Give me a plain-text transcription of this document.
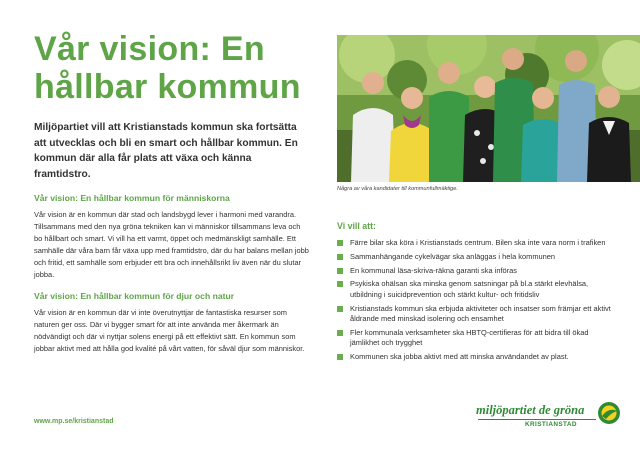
Vår vision: En
hållbar kommun

Miljöpartiet vill att Kristianstads kommun ska fortsätta att utvecklas och bli en smart och hållbar kommun. En kommun där alla får plats att växa och känna framtidstro.

Vår vision: En hållbar kommun för människorna

Vår vision är en kommun där stad och landsbygd lever i harmoni med varandra. Tillsammans med den nya gröna tekniken kan vi människor tillsammans leva och bo hållbart och smart. Vi vill ha ett varmt, öppet och medmänskligt samhälle. Ett samhälle där våra barn får växa upp med framtidstro, där du har balans mellan jobb och fritid, ett samhälle som erbjuder ett bra och innehållsrikt liv även när du slutar jobba.

Vår vision: En hållbar kommun för djur och natur

Vår vision är en kommun där vi inte överutnyttjar de fantastiska resurser som naturen ger oss. Där vi bygger smart för att inte använda mer åkermark än nödvändigt och där vi nyttjar solens energi på ett effektivt sätt. En kommun som jobbar aktivt med att hålla god kvalité på vårt vatten, för såväl djur som människor.

www.mp.se/kristianstad
Några av våra kandidater till kommunfullmäktige.
Vi vill att:
Färre bilar ska köra i Kristianstads centrum. Bilen ska inte vara norm i trafiken
Sammanhängande cykelvägar ska anläggas i hela kommunen
En kommunal läsa-skriva-räkna garanti ska införas
Psykiska ohälsan ska minska genom satsningar på bl.a stärkt elevhälsa, utbildning i suicidprevention och stärkt kultur- och fritidsliv
Kristianstads kommun ska erbjuda aktiviteter och insatser som främjar ett aktivt åldrande med minskad isolering och ensamhet
Fler kommunala verksamheter ska HBTQ-certifieras för att bidra till ökad jämlikhet och trygghet
Kommunen ska jobba aktivt med att minska användandet av plast.
miljöpartiet de gröna
KRISTIANSTAD
